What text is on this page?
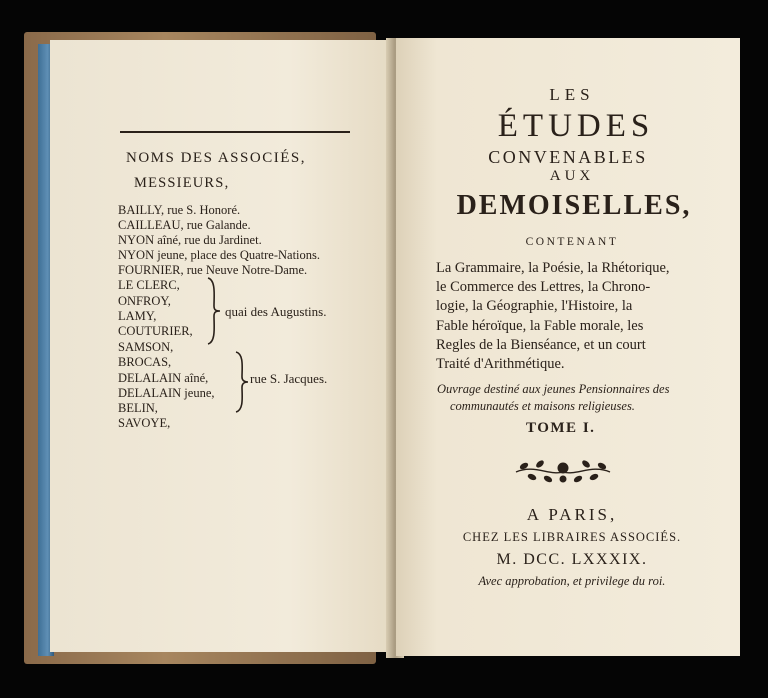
NOMS DES ASSOCIÉS,
MESSIEURS,
BAILLY, rue S. Honoré.
CAILLEAU, rue Galande.
NYON aîné, rue du Jardinet.
NYON jeune, place des Quatre-Nations.
FOURNIER, rue Neuve Notre-Dame.
LE CLERC,
ONFROY,
LAMY,
COUTURIER,
SAMSON,
BROCAS,
DELALAIN aîné,
DELALAIN jeune,
BELIN,
SAVOYE,
quai des Augustins.
rue S. Jacques.
LES
ÉTUDES
CONVENABLES
AUX
DEMOISELLES,
CONTENANT
La Grammaire, la Poésie, la Rhétorique,
le Commerce des Lettres, la Chrono-
logie, la Géographie, l'Histoire, la
Fable héroïque, la Fable morale, les
Regles de la Bienséance, et un court
Traité d'Arithmétique.
Ouvrage destiné aux jeunes Pensionnaires des
communautés et maisons religieuses.
TOME I.
A PARIS,
CHEZ LES LIBRAIRES ASSOCIÉS.
M. DCC. LXXXIX.
Avec approbation, et privilege du roi.
